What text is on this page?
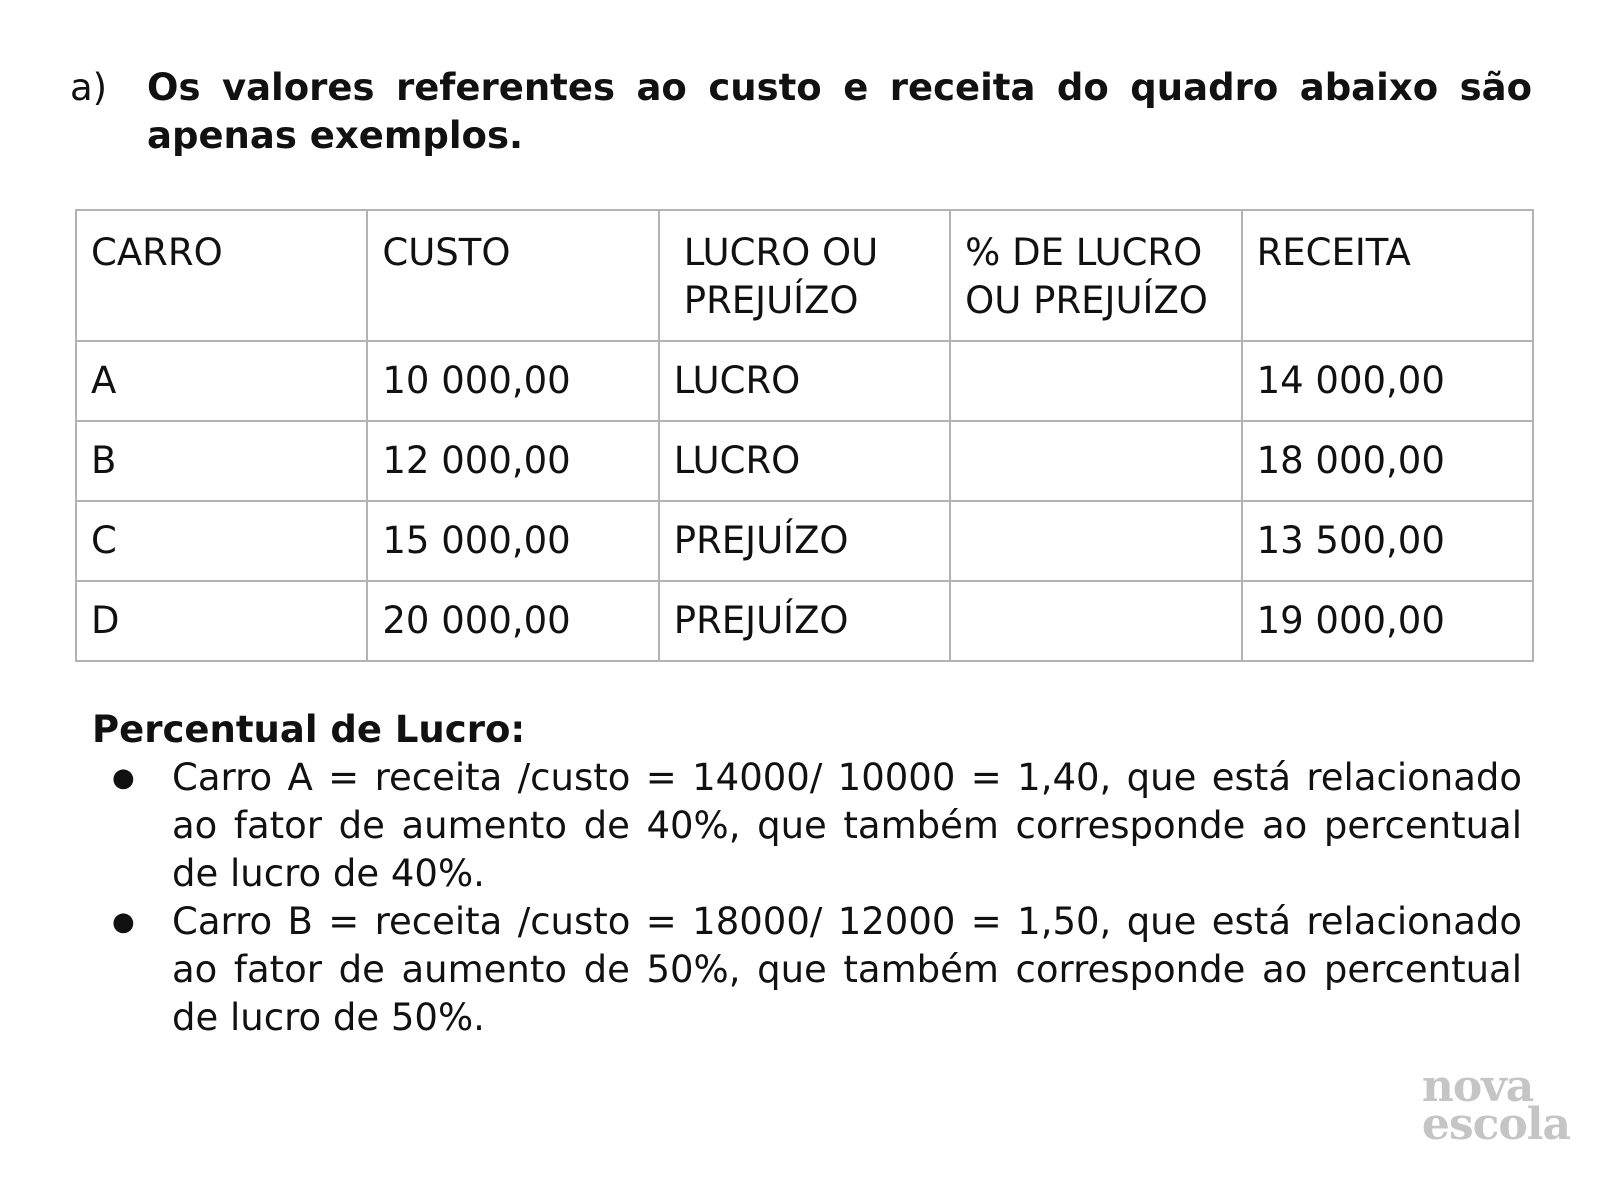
a)	Os valores referentes ao custo e receita do quadro abaixo são apenas exemplos.
CARRO	CUSTO	LUCRO OU PREJUÍZO	% DE LUCRO OU PREJUÍZO	RECEITA
A	10 000,00	LUCRO		14 000,00
B	12 000,00	LUCRO		18 000,00
C	15 000,00	PREJUÍZO		13 500,00
D	20 000,00	PREJUÍZO		19 000,00
Percentual de Lucro:
●	Carro A = receita ∕custo = 14000∕ 10000 = 1,40, que está relacionado ao fator de aumento de 40%, que também corresponde ao percentual de lucro de 40%.
●	Carro B = receita ∕custo = 18000∕ 12000 = 1,50, que está relacionado ao fator de aumento de 50%, que também corresponde ao percentual de lucro de 50%.
nova
escola
